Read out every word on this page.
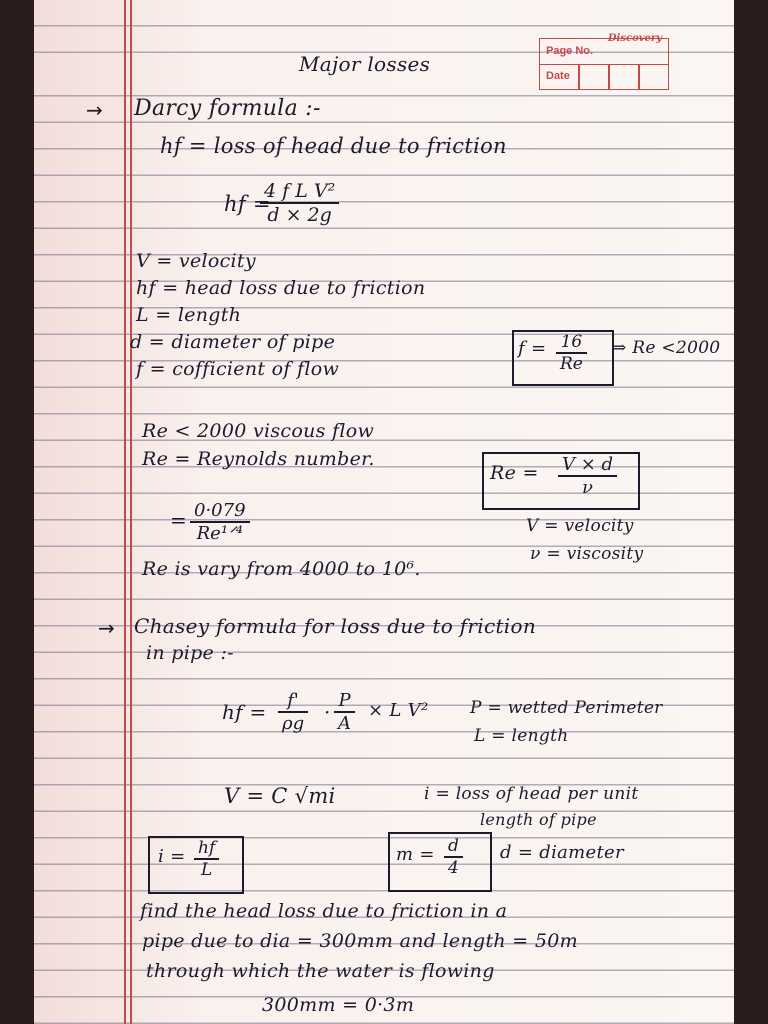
Page No.
Date
Discovery
Major losses
→ Darcy formula :-
hf = loss of head due to friction
hf =
$\frac{\text{4 f L V²}}{d \times 2g}$
V = velocity
hf = head loss due to friction
L = length
d = diameter of pipe
f = cofficient of flow
$f = \frac{16}{Re}$ ⇒ Re <2000
Re < 2000 viscous flow
Re = Reynolds number.
$Re = \frac{V \times d}{\nu}$
= 0·079
Re¹ᐟ⁴	V = velocity
ν = viscosity
Re is vary from 4000 to 10⁶.
→ Chasey formula for loss due to friction
in pipe :-
hf = $\frac{f'}{\rho g} \cdot \frac{P}{A} \times L$ V² P = wetted Perimeter
L = length
V = C √mi	i = loss of head per unit
length of pipe
$i = \frac{hf}{L}$	$m = \frac{d}{4}$ d = diameter
find the head loss due to friction in a
pipe due to dia = 300mm and length = 50m
through which the water is flowing
300mm = 0·3m
